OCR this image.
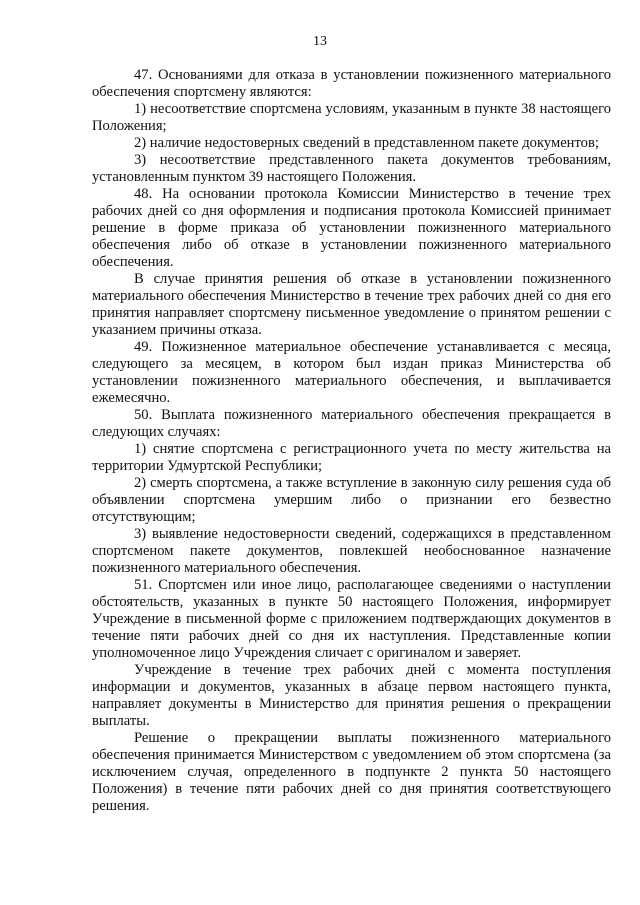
13

47. Основаниями для отказа в установлении пожизненного материального обеспечения спортсмену являются:

1) несоответствие спортсмена условиям, указанным в пункте 38 настоящего Положения;

2) наличие недостоверных сведений в представленном пакете документов;

3) несоответствие представленного пакета документов требованиям, установленным пунктом 39 настоящего Положения.

48. На основании протокола Комиссии Министерство в течение трех рабочих дней со дня оформления и подписания протокола Комиссией принимает решение в форме приказа об установлении пожизненного материального обеспечения либо об отказе в установлении пожизненного материального обеспечения.

В случае принятия решения об отказе в установлении пожизненного материального обеспечения Министерство в течение трех рабочих дней со дня его принятия направляет спортсмену письменное уведомление о принятом решении с указанием причины отказа.

49. Пожизненное материальное обеспечение устанавливается с месяца, следующего за месяцем, в котором был издан приказ Министерства об установлении пожизненного материального обеспечения, и выплачивается ежемесячно.

50. Выплата пожизненного материального обеспечения прекращается в следующих случаях:

1) снятие спортсмена с регистрационного учета по месту жительства на территории Удмуртской Республики;

2) смерть спортсмена, а также вступление в законную силу решения суда об объявлении спортсмена умершим либо о признании его безвестно отсутствующим;

3) выявление недостоверности сведений, содержащихся в представленном спортсменом пакете документов, повлекшей необоснованное назначение пожизненного материального обеспечения.

51. Спортсмен или иное лицо, располагающее сведениями о наступлении обстоятельств, указанных в пункте 50 настоящего Положения, информирует Учреждение в письменной форме с приложением подтверждающих документов в течение пяти рабочих дней со дня их наступления. Представленные копии уполномоченное лицо Учреждения сличает с оригиналом и заверяет.

Учреждение в течение трех рабочих дней с момента поступления информации и документов, указанных в абзаце первом настоящего пункта, направляет документы в Министерство для принятия решения о прекращении выплаты.

Решение о прекращении выплаты пожизненного материального обеспечения принимается Министерством с уведомлением об этом спортсмена (за исключением случая, определенного в подпункте 2 пункта 50 настоящего Положения) в течение пяти рабочих дней со дня принятия соответствующего решения.
